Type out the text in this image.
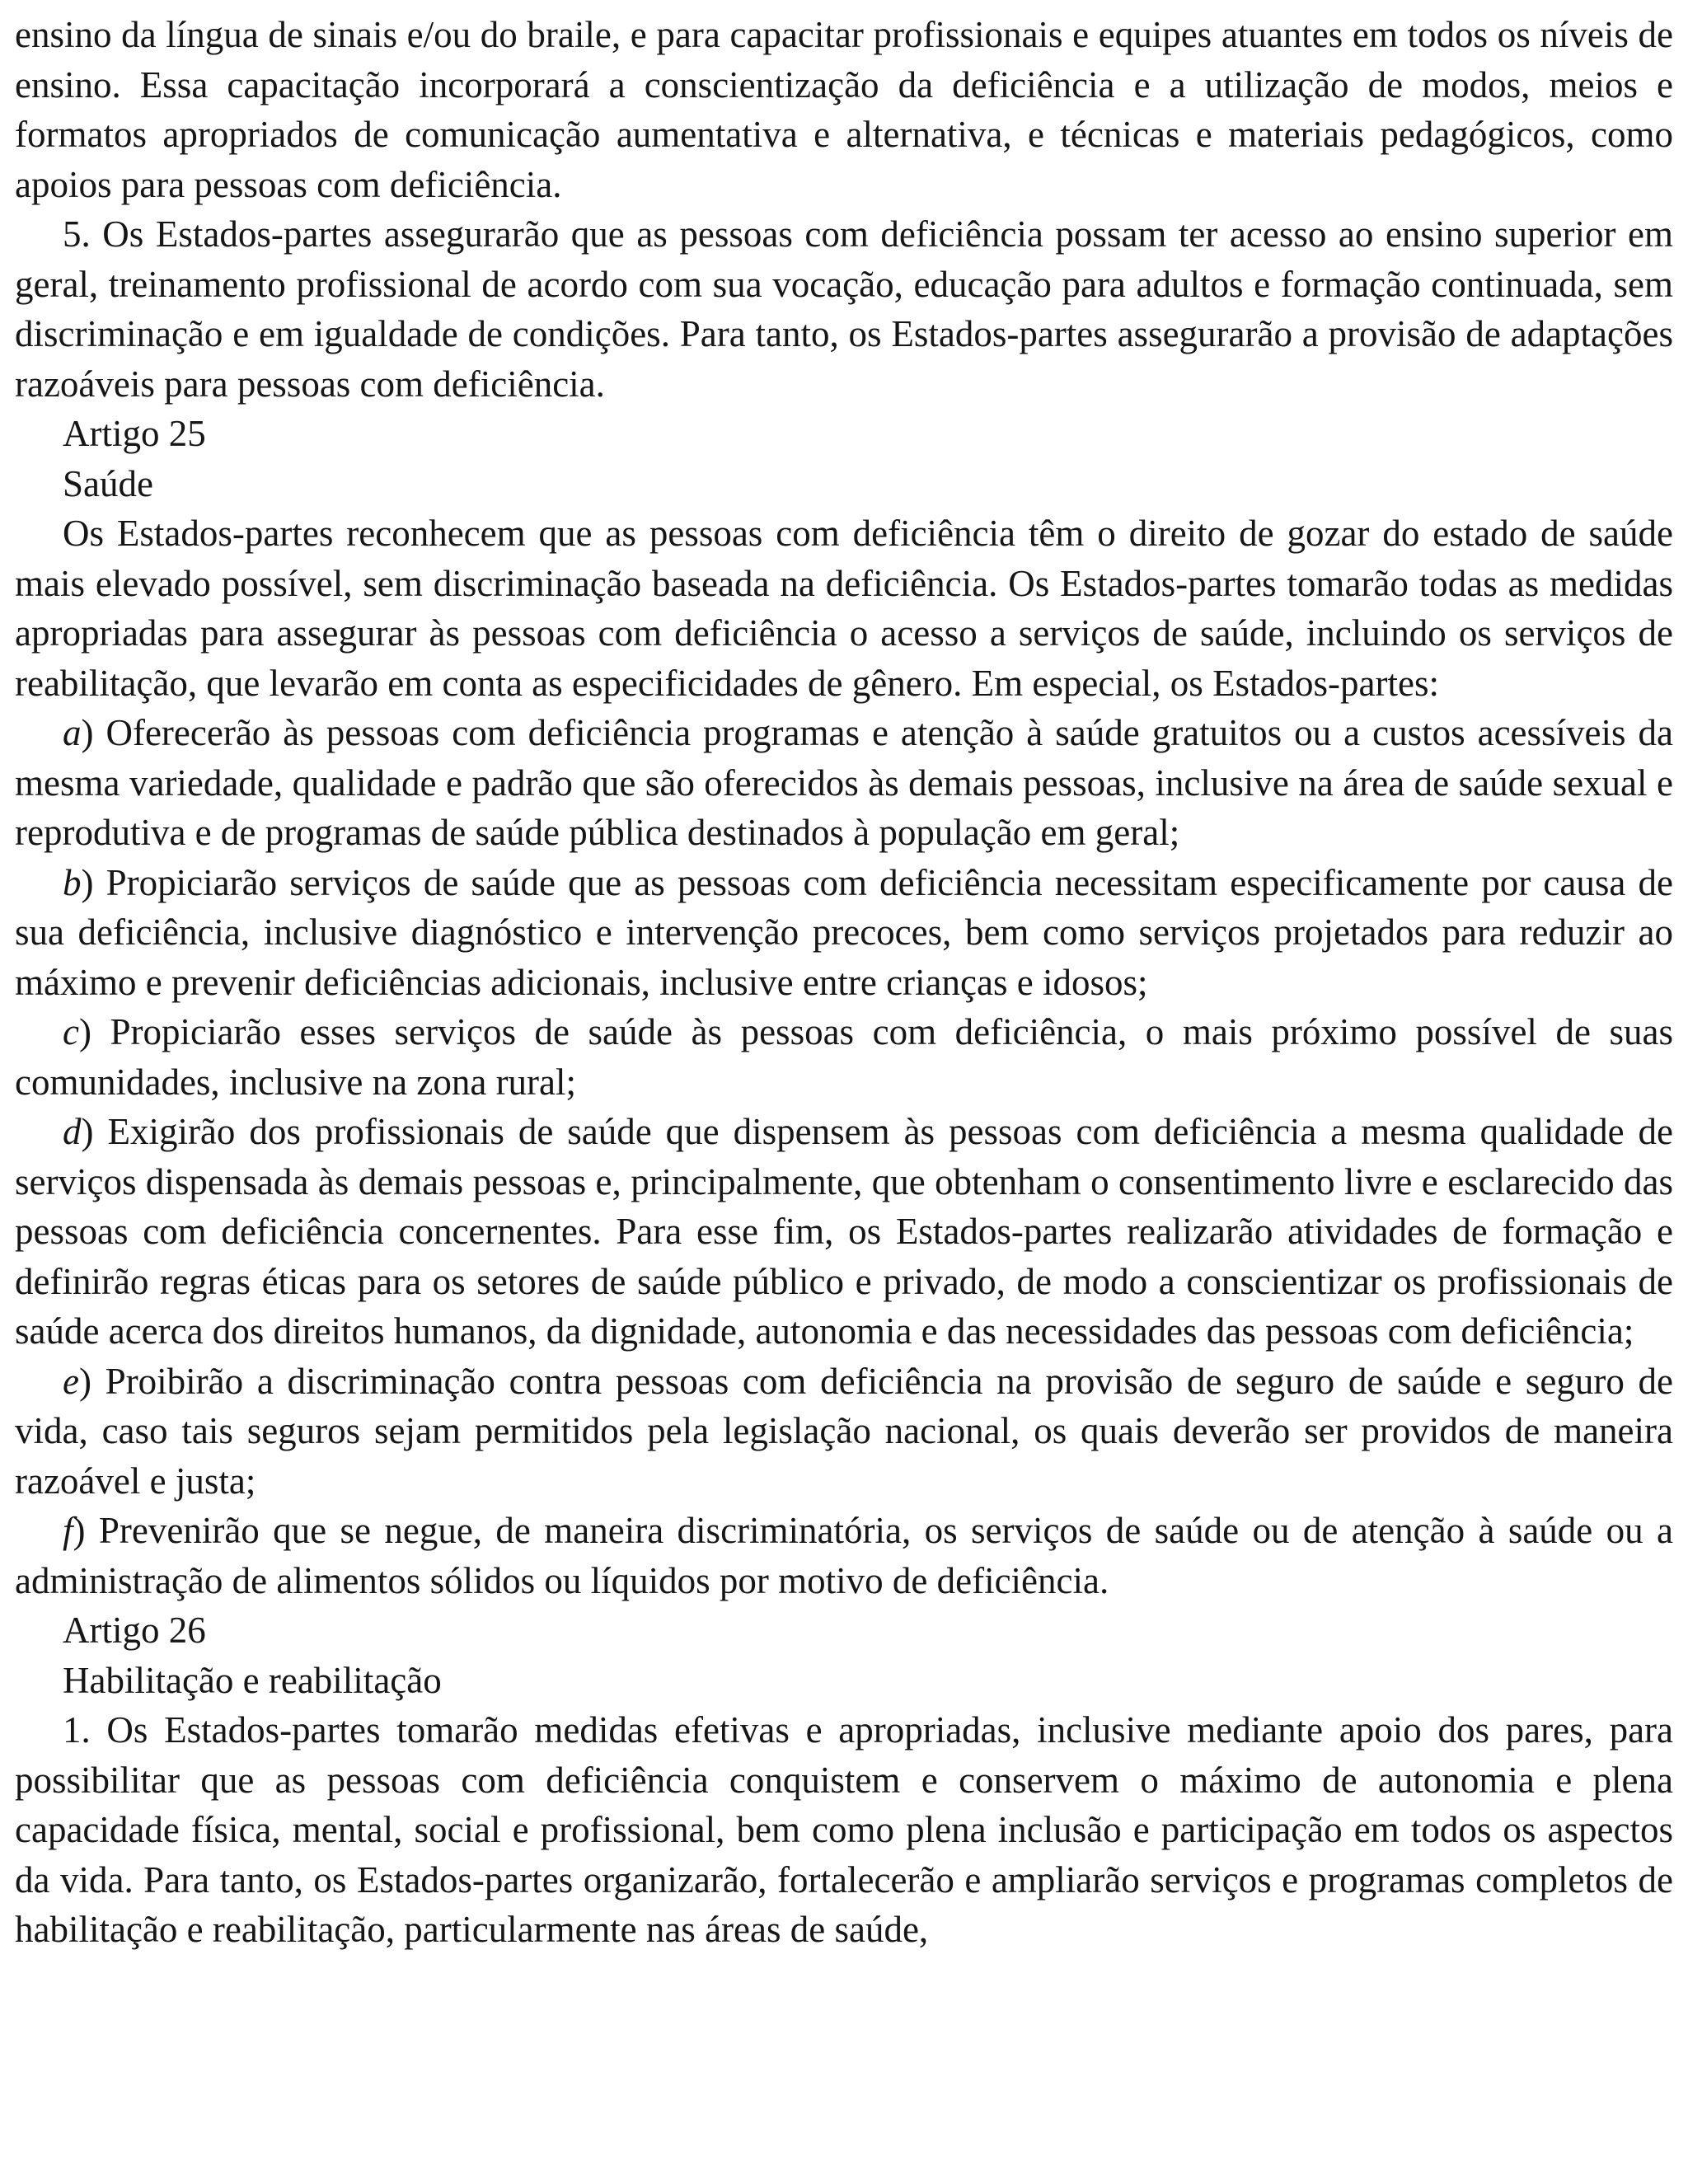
ensino da língua de sinais e/ou do braile, e para capacitar profissionais e equipes atuantes em todos os níveis de ensino. Essa capacitação incorporará a conscientização da deficiência e a utilização de modos, meios e formatos apropriados de comunicação aumentativa e alternativa, e técnicas e materiais pedagógicos, como apoios para pessoas com deficiência.

5. Os Estados-partes assegurarão que as pessoas com deficiência possam ter acesso ao ensino superior em geral, treinamento profissional de acordo com sua vocação, educação para adultos e formação continuada, sem discriminação e em igualdade de condições. Para tanto, os Estados-partes assegurarão a provisão de adaptações razoáveis para pessoas com deficiência.

Artigo 25

Saúde

Os Estados-partes reconhecem que as pessoas com deficiência têm o direito de gozar do estado de saúde mais elevado possível, sem discriminação baseada na deficiência. Os Estados-partes tomarão todas as medidas apropriadas para assegurar às pessoas com deficiência o acesso a serviços de saúde, incluindo os serviços de reabilitação, que levarão em conta as especificidades de gênero. Em especial, os Estados-partes:

a) Oferecerão às pessoas com deficiência programas e atenção à saúde gratuitos ou a custos acessíveis da mesma variedade, qualidade e padrão que são oferecidos às demais pessoas, inclusive na área de saúde sexual e reprodutiva e de programas de saúde pública destinados à população em geral;

b) Propiciarão serviços de saúde que as pessoas com deficiência necessitam especificamente por causa de sua deficiência, inclusive diagnóstico e intervenção precoces, bem como serviços projetados para reduzir ao máximo e prevenir deficiências adicionais, inclusive entre crianças e idosos;

c) Propiciarão esses serviços de saúde às pessoas com deficiência, o mais próximo possível de suas comunidades, inclusive na zona rural;

d) Exigirão dos profissionais de saúde que dispensem às pessoas com deficiência a mesma qualidade de serviços dispensada às demais pessoas e, principalmente, que obtenham o consentimento livre e esclarecido das pessoas com deficiência concernentes. Para esse fim, os Estados-partes realizarão atividades de formação e definirão regras éticas para os setores de saúde público e privado, de modo a conscientizar os profissionais de saúde acerca dos direitos humanos, da dignidade, autonomia e das necessidades das pessoas com deficiência;

e) Proibirão a discriminação contra pessoas com deficiência na provisão de seguro de saúde e seguro de vida, caso tais seguros sejam permitidos pela legislação nacional, os quais deverão ser providos de maneira razoável e justa;

f) Prevenirão que se negue, de maneira discriminatória, os serviços de saúde ou de atenção à saúde ou a administração de alimentos sólidos ou líquidos por motivo de deficiência.

Artigo 26

Habilitação e reabilitação

1. Os Estados-partes tomarão medidas efetivas e apropriadas, inclusive mediante apoio dos pares, para possibilitar que as pessoas com deficiência conquistem e conservem o máximo de autonomia e plena capacidade física, mental, social e profissional, bem como plena inclusão e participação em todos os aspectos da vida. Para tanto, os Estados-partes organizarão, fortalecerão e ampliarão serviços e programas completos de habilitação e reabilitação, particularmente nas áreas de saúde,
